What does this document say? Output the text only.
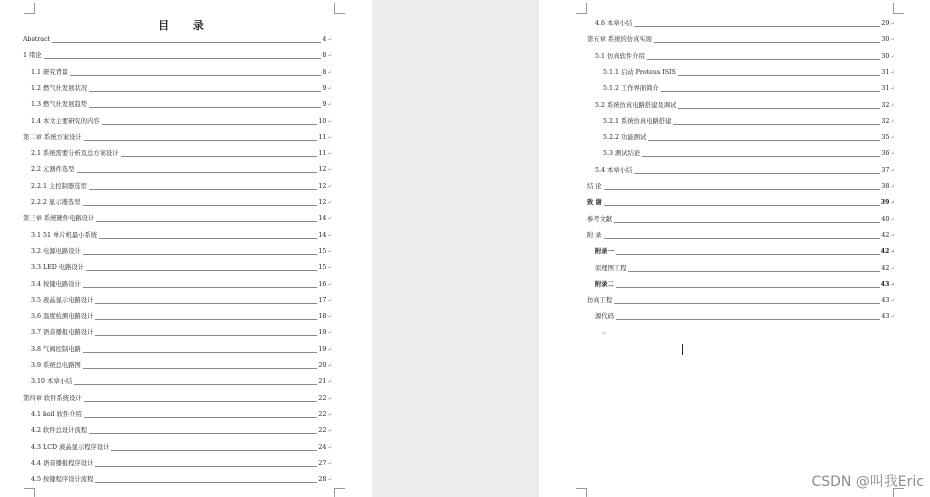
目 录
Abstract	4 ↵
1 绪论	8 ↵
1.1 研究背景	8 ↵
1.2 燃气灶发展状况	9 ↵
1.3 燃气灶发展趋势	9 ↵
1.4 本文主要研究的内容	10 ↵
第二章 系统方案设计	11 ↵
2.1 系统需要分析及总方案设计	11 ↵
2.2 元器件选型	12 ↵
2.2.1 主控制器选型	12 ↵
2.2.2 显示器选型	12 ↵
第三章 系统硬件电路设计	14 ↵
3.1 51 单片机最小系统	14 ↵
3.2 电源电路设计	15 ↵
3.3 LED 电路设计	15 ↵
3.4 按键电路设计	16 ↵
3.5 液晶显示电路设计	17 ↵
3.6 温度检测电路设计	18 ↵
3.7 语音播报电路设计	19 ↵
3.8 气阀控制电路	19 ↵
3.9 系统总电路图	20 ↵
3.10 本章小结	21 ↵
第四章 软件系统设计	22 ↵
4.1 keil 软件介绍	22 ↵
4.2 软件总设计流程	22 ↵
4.3 LCD 液晶显示程序设计	24 ↵
4.4 语音播报程序设计	27 ↵
4.5 按键程序设计流程	28 ↵
4.6 本章小结	29 ↵
第五章 系统的仿真实现	30 ↵
5.1 仿真软件介绍	30 ↵
5.1.1 启动 Proteus ISIS	31 ↵
5.1.2 工作界面简介	31 ↵
5.2 系统仿真电路搭建及调试	32 ↵
5.2.1 系统仿真电路搭建	32 ↵
5.2.2 功能测试	35 ↵
5.3 测试结论	36 ↵
5.4 本章小结	37 ↵
结 论	38 ↵
致 谢	39 ↵
参考文献	40 ↵
附 录	42 ↵
附录一	42 ↵
原理图工程	42 ↵
附录二	43 ↵
仿真工程	43 ↵
源代码	43 ↵
↵
CSDN @叫我Eric
